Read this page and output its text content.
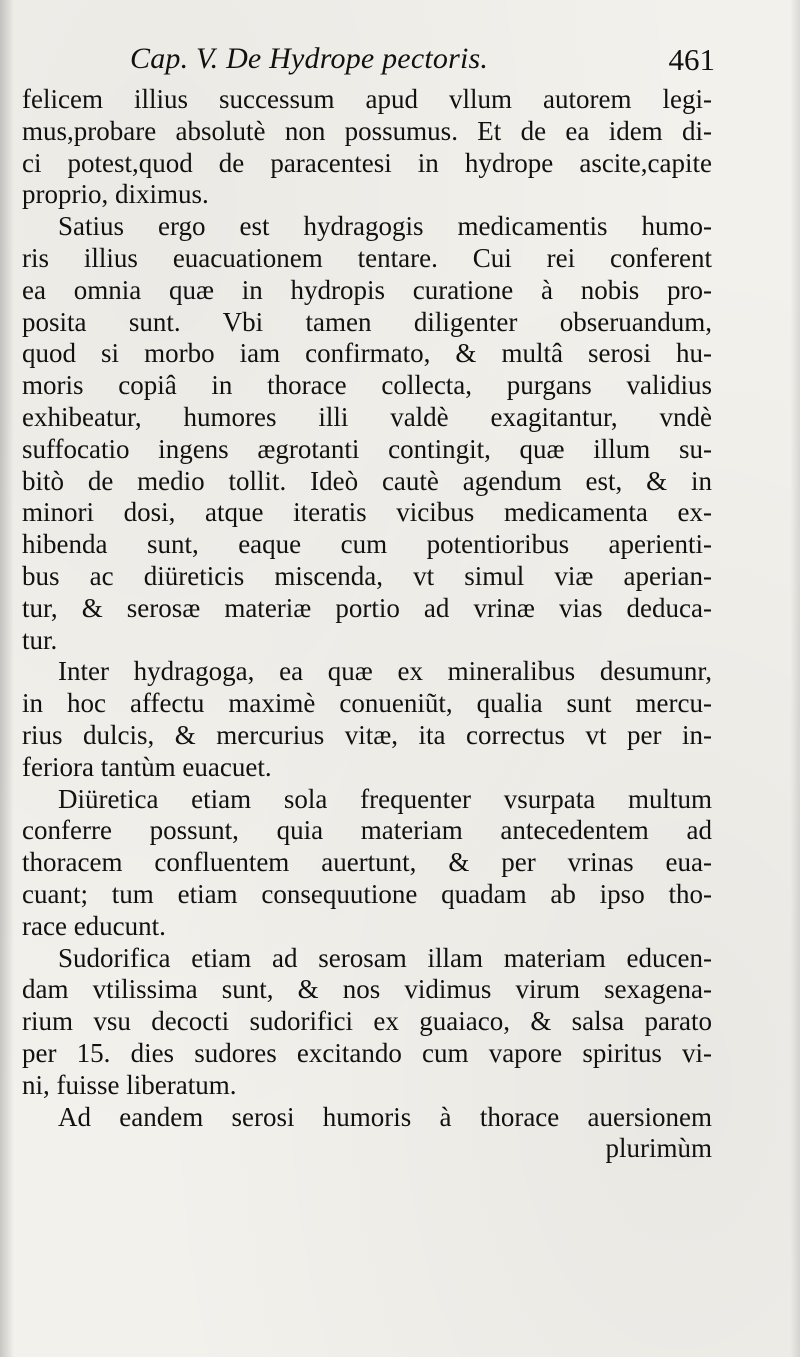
Cap. V. De Hydrope pectoris.	461
felicem illius successum apud vllum autorem legi-
mus,probare absolutè non possumus. Et de ea idem di-
ci potest,quod de paracentesi in hydrope ascite,capite
proprio, diximus.
Satius ergo est hydragogis medicamentis humo-
ris illius euacuationem tentare. Cui rei conferent
ea omnia quæ in hydropis curatione à nobis pro-
posita sunt. Vbi tamen diligenter obseruandum,
quod si morbo iam confirmato, & multâ serosi hu-
moris copiâ in thorace collecta, purgans validius
exhibeatur, humores illi valdè exagitantur, vndè
suffocatio ingens ægrotanti contingit, quæ illum su-
bitò de medio tollit. Ideò cautè agendum est, & in
minori dosi, atque iteratis vicibus medicamenta ex-
hibenda sunt, eaque cum potentioribus aperienti-
bus ac diüreticis miscenda, vt simul viæ aperian-
tur, & serosæ materiæ portio ad vrinæ vias deduca-
tur.
Inter hydragoga, ea quæ ex mineralibus desumunr,
in hoc affectu maximè conueniũt, qualia sunt mercu-
rius dulcis, & mercurius vitæ, ita correctus vt per in-
feriora tantùm euacuet.
Diüretica etiam sola frequenter vsurpata multum
conferre possunt, quia materiam antecedentem ad
thoracem confluentem auertunt, & per vrinas eua-
cuant; tum etiam consequutione quadam ab ipso tho-
race educunt.
Sudorifica etiam ad serosam illam materiam educen-
dam vtilissima sunt, & nos vidimus virum sexagena-
rium vsu decocti sudorifici ex guaiaco, & salsa parato
per 15. dies sudores excitando cum vapore spiritus vi-
ni, fuisse liberatum.
Ad eandem serosi humoris à thorace auersionem
plurimùm
